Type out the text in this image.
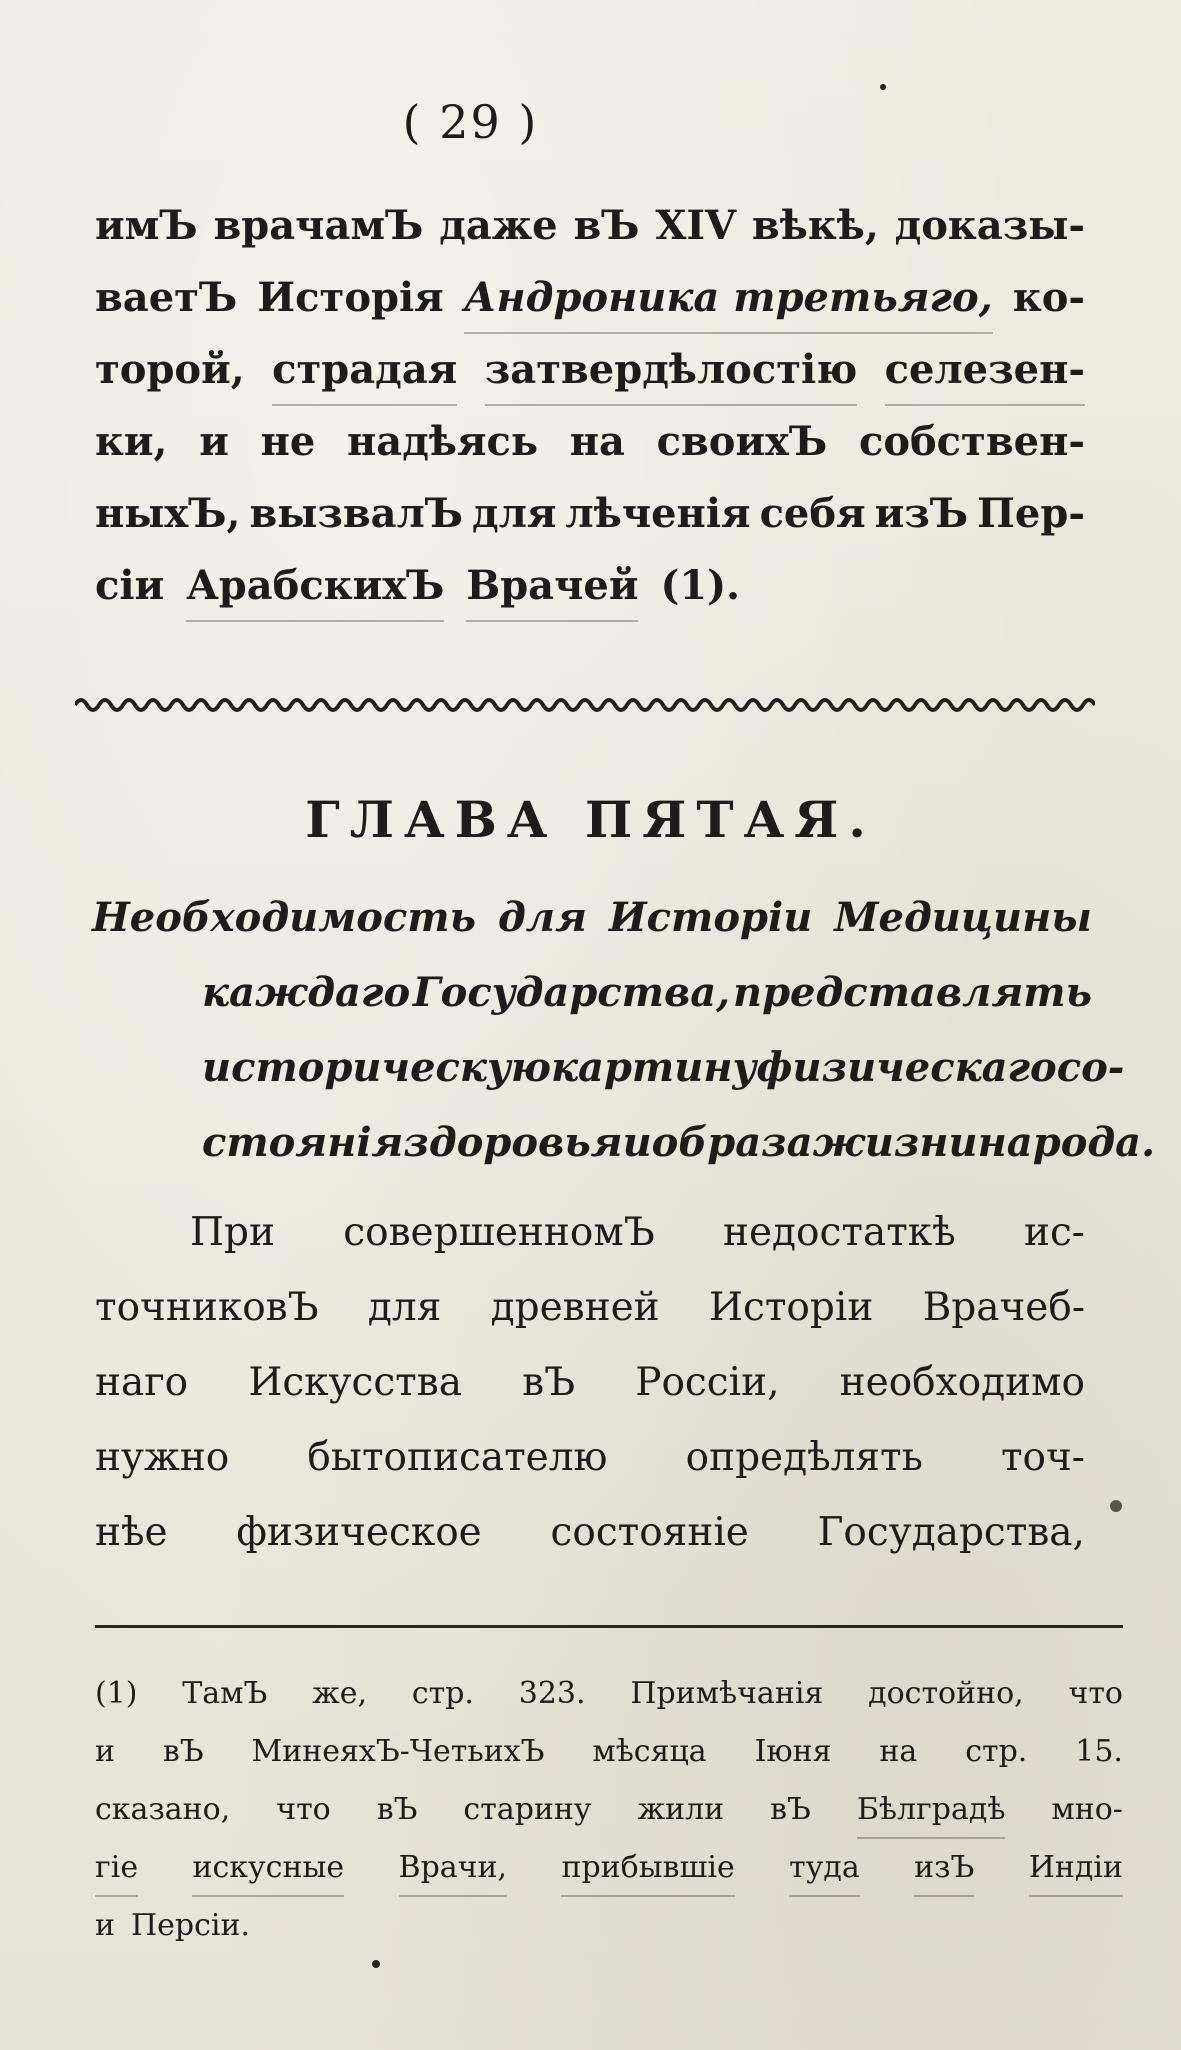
( 29 )
имЪ врачамЪ даже вЪ XIV вѣкѣ, доказы-
ваетЪ Исторія Андроника третьяго, ко-
торой, страдая затвердѣлостію селезен-
ки, и не надѣясь на своихЪ собствен-
ныхЪ, вызвалЪ для лѣченія себя изЪ Пер-
сіи АрабскихЪ Врачей (1).
ГЛАВА ПЯТАЯ.
Необходимость для Исторіи Медицины
каждаго Государства, представлять
историческую картину физическаго со-
стоянія здоровья и образа жизни народа.
При совершенномЪ недостаткѣ ис-
точниковЪ для древней Исторіи Врачеб-
наго Искусства вЪ Россіи, необходимо
нужно бытописателю опредѣлять точ-
нѣе физическое состояніе Государства,
(1) ТамЪ же, стр. 323. Примѣчанія достойно, что
и вЪ МинеяхЪ-ЧетьихЪ мѣсяца Іюня на стр. 15.
сказано, что вЪ старину жили вЪ Бѣлградѣ мно-
гіе искусные Врачи, прибывшіе туда изЪ Индіи
и Персіи.
